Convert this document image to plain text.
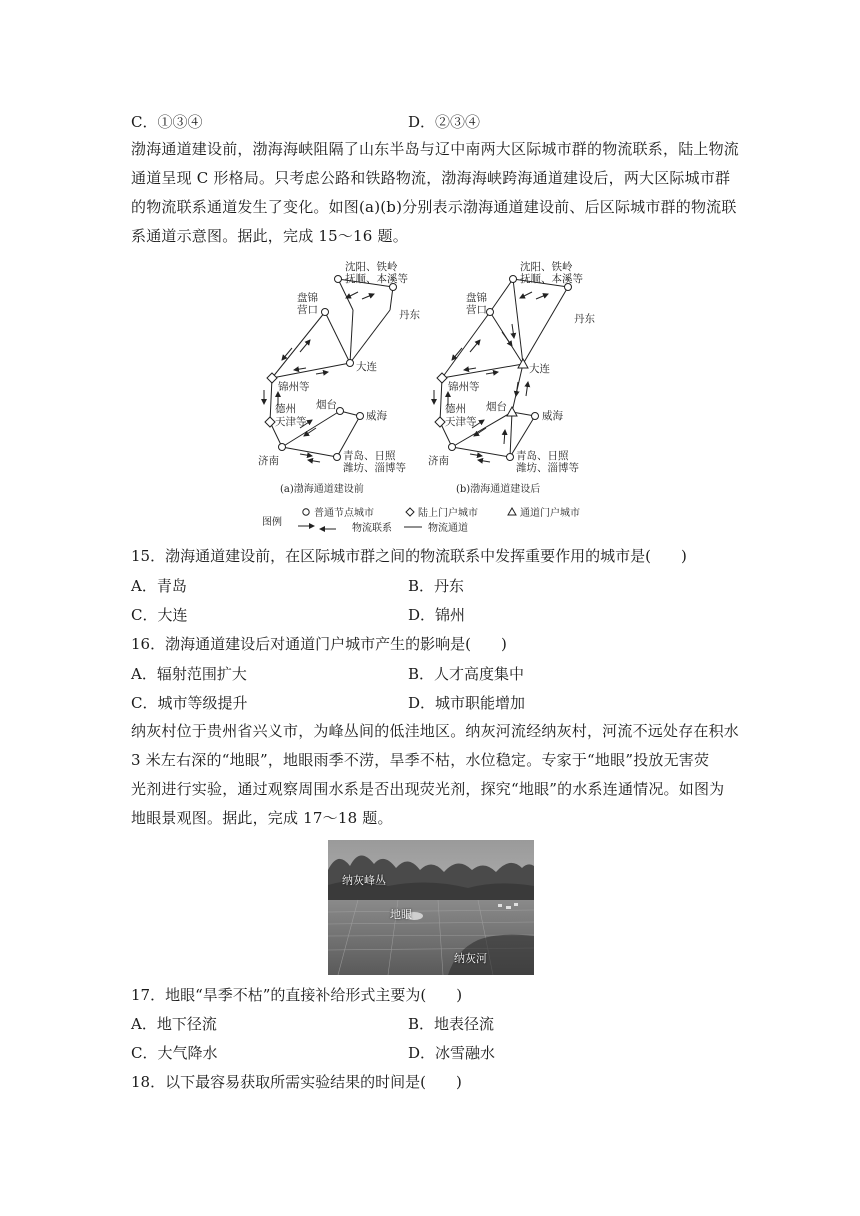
C．①③④	D．②③④
渤海通道建设前，渤海海峡阻隔了山东半岛与辽中南两大区际城市群的物流联系，陆上物流
通道呈现 C 形格局。只考虑公路和铁路物流，渤海海峡跨海通道建设后，两大区际城市群
的物流联系通道发生了变化。如图(a)(b)分别表示渤海通道建设前、后区际城市群的物流联
系通道示意图。据此，完成 15～16 题。
沈阳、铁岭
抚顺、本溪等
盘锦
营口	丹东
大连
锦州等
德州
天津等
烟台
威海
济南	青岛、日照
潍坊、淄博等
(a)渤海通道建设前
沈阳、铁岭
抚顺、本溪等
盘锦
营口
丹东
大连
锦州等
德州
天津等
烟台
威海
济南	青岛、日照
潍坊、淄博等
(b)渤海通道建设后
图例
普通节点城市	陆上门户城市	通道门户城市
物流联系	物流通道
15．渤海通道建设前，在区际城市群之间的物流联系中发挥重要作用的城市是(　　)
A．青岛	B．丹东
C．大连	D．锦州
16．渤海通道建设后对通道门户城市产生的影响是(　　)
A．辐射范围扩大	B．人才高度集中
C．城市等级提升	D．城市职能增加
纳灰村位于贵州省兴义市，为峰丛间的低洼地区。纳灰河流经纳灰村，河流不远处存在积水
3 米左右深的“地眼”，地眼雨季不涝，旱季不枯，水位稳定。专家于“地眼”投放无害荧
光剂进行实验，通过观察周围水系是否出现荧光剂，探究“地眼”的水系连通情况。如图为
地眼景观图。据此，完成 17～18 题。
纳灰峰丛
地眼
纳灰河
17．地眼“旱季不枯”的直接补给形式主要为(　　)
A．地下径流	B．地表径流
C．大气降水	D．冰雪融水
18．以下最容易获取所需实验结果的时间是(　　)
